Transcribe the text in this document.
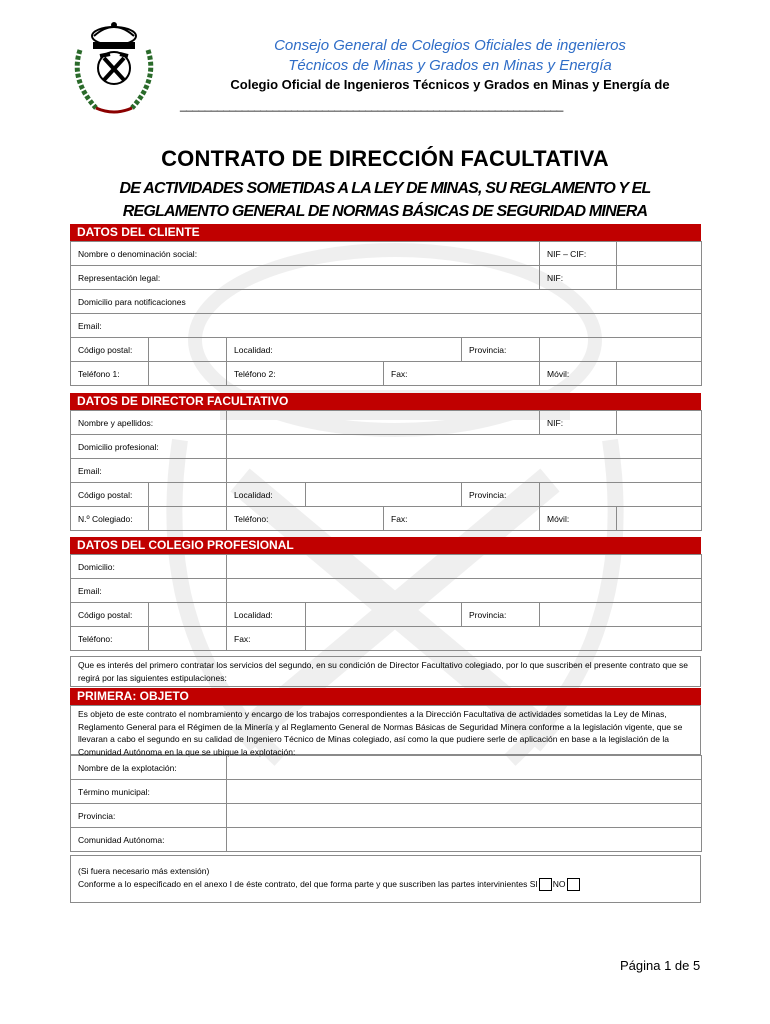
Consejo General de Colegios Oficiales de ingenieros
Técnicos de Minas y Grados en Minas y Energía
Colegio Oficial de Ingenieros Técnicos y Grados en Minas y Energía de
______________________________________________________________
CONTRATO DE DIRECCIÓN FACULTATIVA
DE ACTIVIDADES SOMETIDAS A LA LEY DE MINAS, SU REGLAMENTO Y EL
REGLAMENTO GENERAL DE NORMAS BÁSICAS DE SEGURIDAD MINERA
DATOS DEL CLIENTE
Nombre o denominación social:					NIF – CIF:	
Representación legal:					NIF:	
Domicilio para notificaciones						
Email:						
Código postal:		Localidad:		Provincia:		
Teléfono 1:		Teléfono 2:	Fax:		Móvil:	
DATOS DE DIRECTOR FACULTATIVO
Nombre y apellidos:						NIF:	
Domicilio profesional:							
Email:							
Código postal:		Localidad:			Provincia:		
N.º Colegiado:		Teléfono:		Fax:		Móvil:	
DATOS DEL COLEGIO PROFESIONAL
Domicilio:					
Email:					
Código postal:		Localidad:		Provincia:	
Teléfono:		Fax:			
Que es interés del primero contratar los servicios del segundo, en su condición de Director Facultativo colegiado, por lo que suscriben el presente contrato que se regirá por las siguientes estipulaciones:
PRIMERA: OBJETO
Es objeto de este contrato el nombramiento y encargo de los trabajos correspondientes a la Dirección Facultativa de actividades sometidas la Ley de Minas, Reglamento General para el Régimen de la Minería y al Reglamento General de Normas Básicas de Seguridad Minera conforme a la legislación vigente, que se llevaran a cabo el segundo en su calidad de Ingeniero Técnico de Minas colegiado, así como la que pudiere serle de aplicación en base a la legislación de la Comunidad Autónoma en la que se ubique la explotación:
Nombre de la explotación:	
Término municipal:	
Provincia:	
Comunidad Autónoma:	
(Si fuera necesario más extensión)
Conforme a lo especificado en el anexo I de éste contrato, del que forma parte y que suscriben las partes intervinientes SI NO
Página 1 de 5
